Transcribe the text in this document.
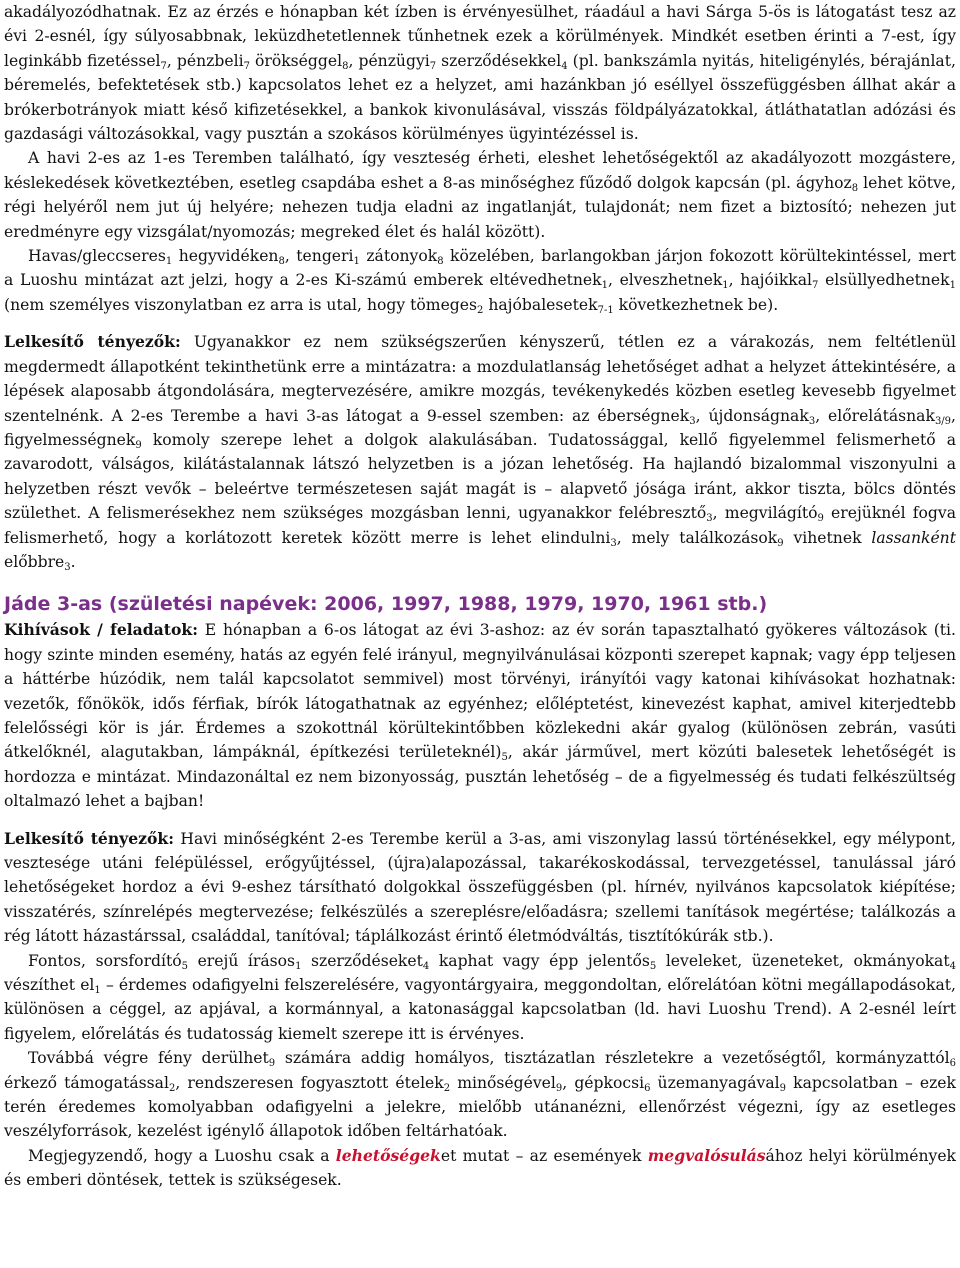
akadályozódhatnak. Ez az érzés e hónapban két ízben is érvényesülhet, ráadául a havi Sárga 5-ös is látogatást tesz az évi 2-esnél, így súlyosabbnak, leküzdhetetlennek tűnhetnek ezek a körülmények. Mindkét esetben érinti a 7-est, így leginkább fizetéssel$_7$, pénzbeli$_7$ örökséggel$_8$, pénzügyi$_7$ szerződésekkel$_4$ (pl. bankszámla nyitás, hiteligénylés, bérajánlat, béremelés, befektetések stb.) kapcsolatos lehet ez a helyzet, ami hazánkban jó eséllyel összefüggésben állhat akár a brókerbotrányok miatt késő kifizetésekkel, a bankok kivonulásával, visszás földpályázatokkal, átláthatatlan adózási és gazdasági változásokkal, vagy pusztán a szokásos körülményes ügyintézéssel is.

A havi 2-es az 1-es Teremben található, így veszteség érheti, eleshet lehetőségektől az akadályozott mozgástere, késlekedések következtében, esetleg csapdába eshet a 8-as minőséghez fűződő dolgok kapcsán (pl. ágyhoz$_8$ lehet kötve, régi helyéről nem jut új helyére; nehezen tudja eladni az ingatlanját, tulajdonát; nem fizet a biztosító; nehezen jut eredményre egy vizsgálat/nyomozás; megreked élet és halál között).

Havas/gleccseres$_1$ hegyvidéken$_8$, tengeri$_1$ zátonyok$_8$ közelében, barlangokban járjon fokozott körültekintéssel, mert a Luoshu mintázat azt jelzi, hogy a 2-es Ki-számú emberek eltévedhetnek$_1$, elveszhetnek$_1$, hajóikkal$_7$ elsüllyedhetnek$_1$ (nem személyes viszonylatban ez arra is utal, hogy tömeges$_2$ hajóbalesetek$_{7-1}$ következhetnek be).

Lelkesítő tényezők: Ugyanakkor ez nem szükségszerűen kényszerű, tétlen ez a várakozás, nem feltétlenül megdermedt állapotként tekinthetünk erre a mintázatra: a mozdulatlanság lehetőséget adhat a helyzet áttekintésére, a lépések alaposabb átgondolására, megtervezésére, amikre mozgás, tevékenykedés közben esetleg kevesebb figyelmet szentelnénk. A 2-es Terembe a havi 3-as látogat a 9-essel szemben: az éberségnek$_3$, újdonságnak$_3$, előrelátásnak$_{3/9}$, figyelmességnek$_9$ komoly szerepe lehet a dolgok alakulásában. Tudatossággal, kellő figyelemmel felismerhető a zavarodott, válságos, kilátástalannak látszó helyzetben is a józan lehetőség. Ha hajlandó bizalommal viszonyulni a helyzetben részt vevők – beleértve természetesen saját magát is – alapvető jósága iránt, akkor tiszta, bölcs döntés születhet. A felismerésekhez nem szükséges mozgásban lenni, ugyanakkor felébresztő$_3$, megvilágító$_9$ erejüknél fogva felismerhető, hogy a korlátozott keretek között merre is lehet elindulni$_3$, mely találkozások$_9$ vihetnek lassanként előbbre$_3$.

Jáde 3-as (születési napévek: 2006, 1997, 1988, 1979, 1970, 1961 stb.)

Kihívások / feladatok: E hónapban a 6-os látogat az évi 3-ashoz: az év során tapasztalható gyökeres változások (ti. hogy szinte minden esemény, hatás az egyén felé irányul, megnyilvánulásai központi szerepet kapnak; vagy épp teljesen a háttérbe húzódik, nem talál kapcsolatot semmivel) most törvényi, irányítói vagy katonai kihívásokat hozhatnak: vezetők, főnökök, idős férfiak, bírók látogathatnak az egyénhez; előléptetést, kinevezést kaphat, amivel kiterjedtebb felelősségi kör is jár. Érdemes a szokottnál körültekintőbben közlekedni akár gyalog (különösen zebrán, vasúti átkelőknél, alagutakban, lámpáknál, építkezési $területeknél)_5$, akár járművel, mert közúti balesetek lehetőségét is hordozza e mintázat. Mindazonáltal ez nem bizonyosság, pusztán lehetőség – de a figyelmesség és tudati felkészültség oltalmazó lehet a bajban!

Lelkesítő tényezők: Havi minőségként 2-es Terembe kerül a 3-as, ami viszonylag lassú történésekkel, egy mélypont, vesztesége utáni felépüléssel, erőgyűjtéssel, (újra)alapozással, takarékoskodással, tervezgetéssel, tanulással járó lehetőségeket hordoz a évi 9-eshez társítható dolgokkal összefüggésben (pl. hírnév, nyilvános kapcsolatok kiépítése; visszatérés, színrelépés megtervezése; felkészülés a szereplésre/előadásra; szellemi tanítások megértése; találkozás a rég látott házastárssal, családdal, tanítóval; táplálkozást érintő életmódváltás, tisztítókúrák stb.).

Fontos, sorsfordító$_5$ erejű írásos$_1$ szerződéseket$_4$ kaphat vagy épp jelentős$_5$ leveleket, üzeneteket, okmányokat$_4$ vészíthet $el_1$ – érdemes odafigyelni felszerelésére, vagyontárgyaira, meggondoltan, előrelátóan kötni megállapodásokat, különösen a céggel, az apjával, a kormánnyal, a katonasággal kapcsolatban (ld. havi Luoshu Trend). A 2-esnél leírt figyelem, előrelátás és tudatosság kiemelt szerepe itt is érvényes.

Továbbá végre fény derülhet$_9$ számára addig homályos, tisztázatlan részletekre a vezetőségtől, kormányzattól$_6$ érkező támogatással$_2$, rendszeresen fogyasztott ételek$_2$ minőségével$_9$, gépkocsi$_6$ üzemanyagával$_9$ kapcsolatban – ezek terén éredemes komolyabban odafigyelni a jelekre, mielőbb utánanézni, ellenőrzést végezni, így az esetleges veszélyforrások, kezelést igénylő állapotok időben feltárhatóak.

Megjegyzendő, hogy a Luoshu csak a lehetőségeket mutat – az események megvalósulásához helyi körülmények és emberi döntések, tettek is szükségesek.
